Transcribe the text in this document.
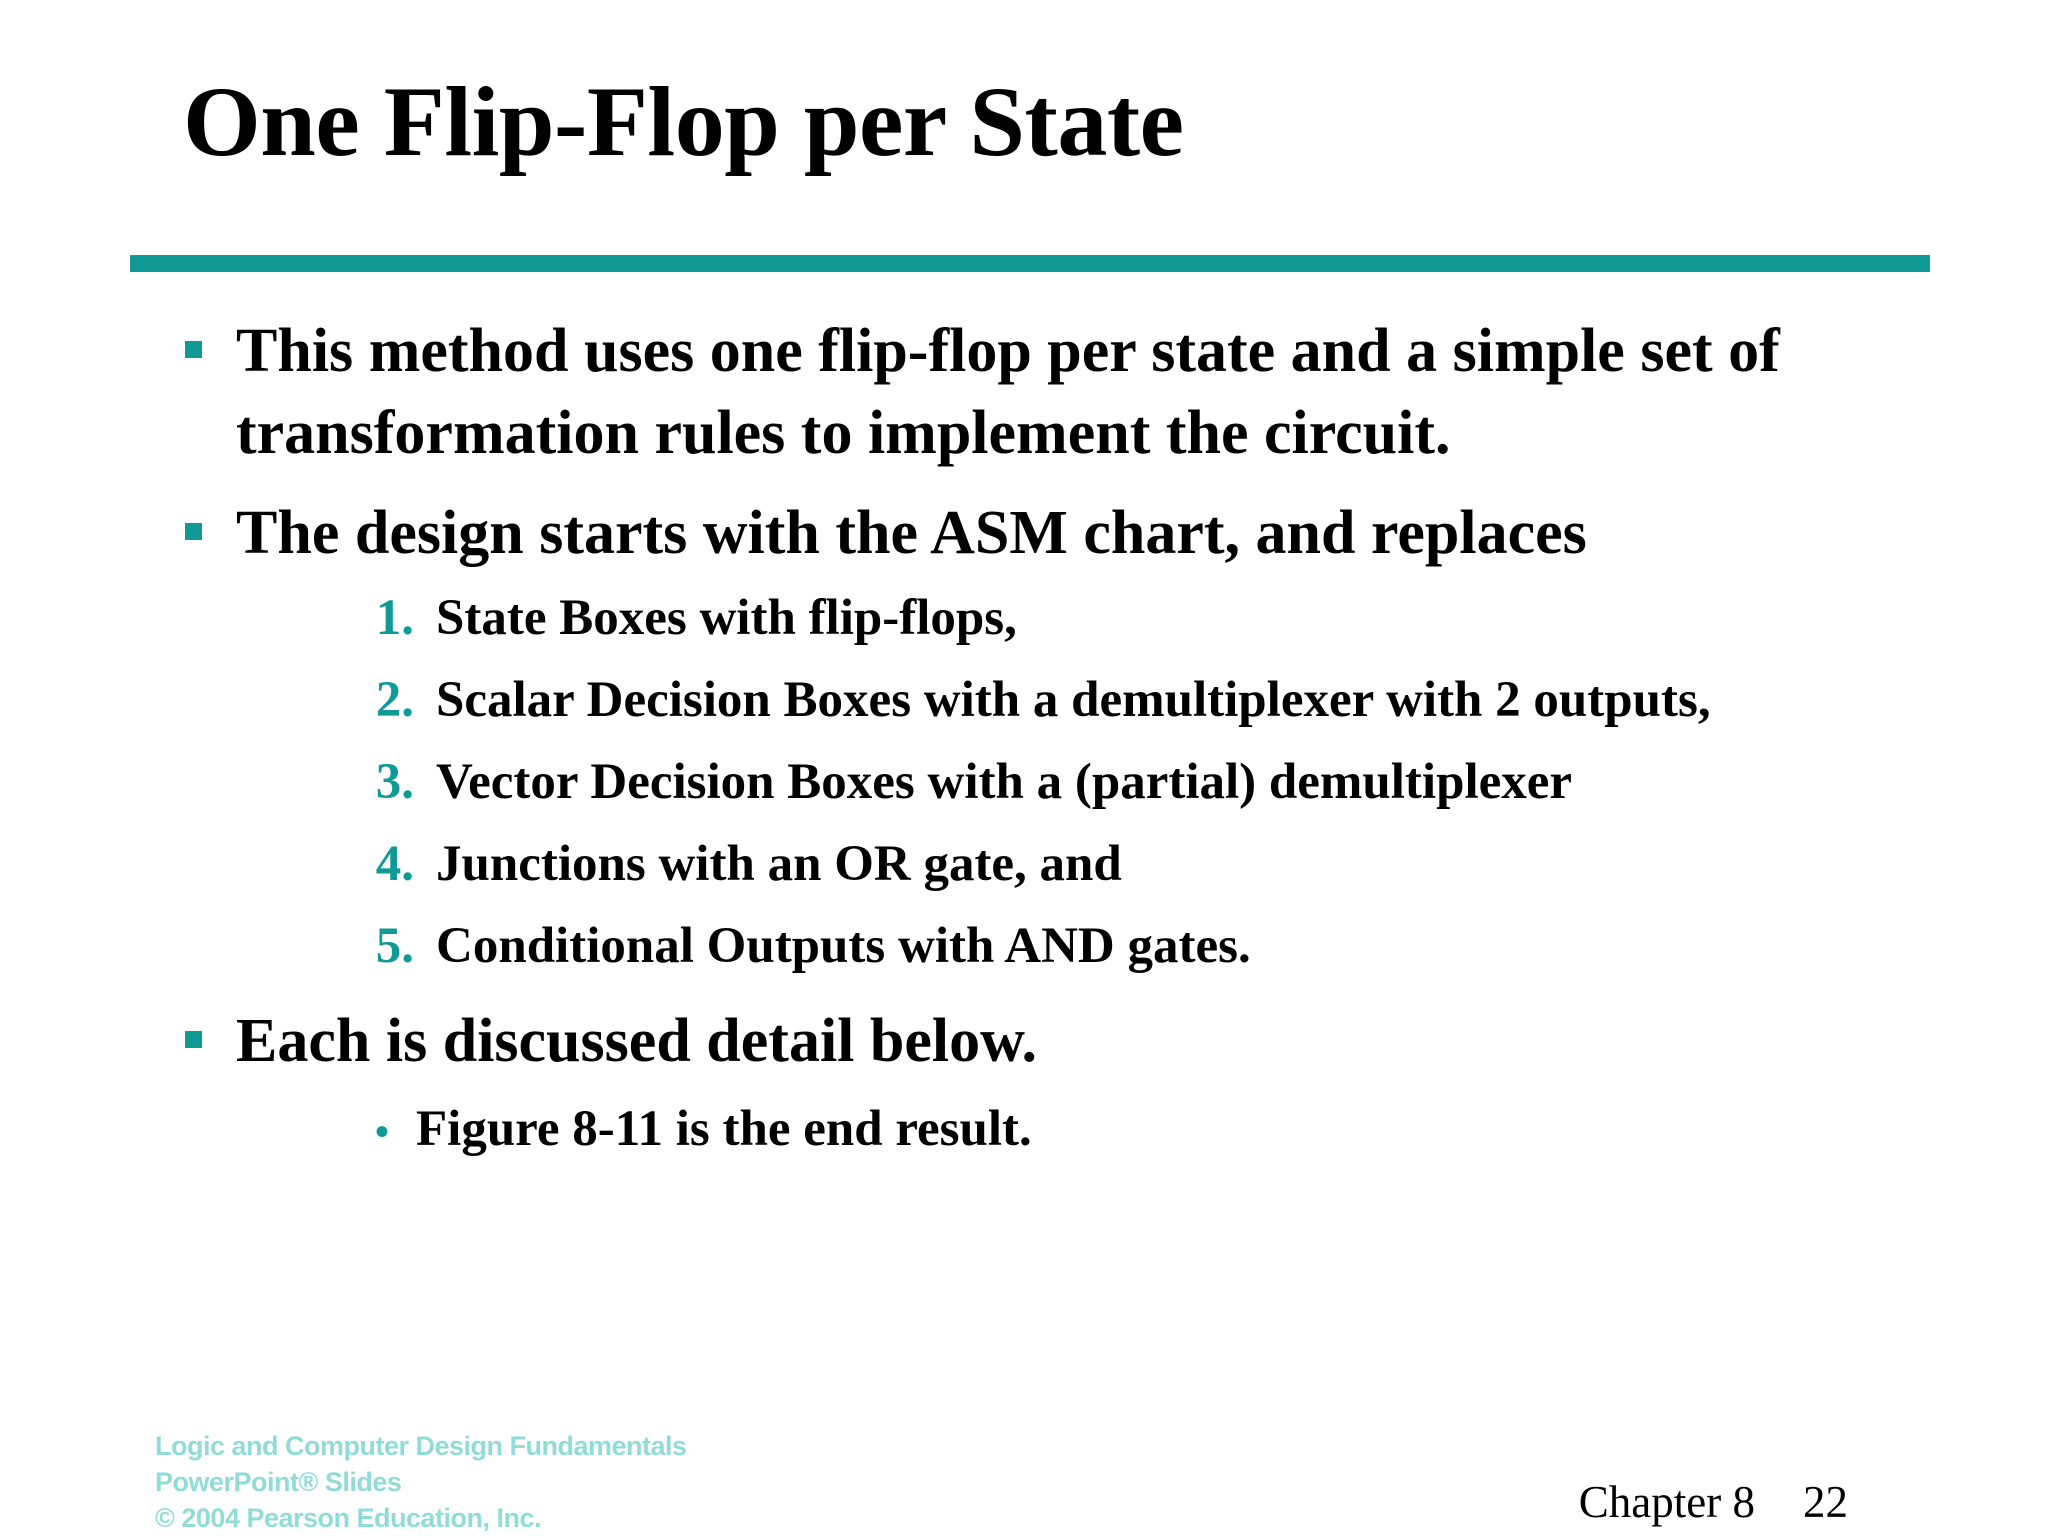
One Flip-Flop per State
This method uses one flip-flop per state and a simple set of transformation rules to implement the circuit.
The design starts with the ASM chart, and replaces
1. State Boxes with flip-flops,
2. Scalar Decision Boxes with a demultiplexer with 2 outputs,
3. Vector Decision Boxes with a (partial) demultiplexer
4. Junctions with an OR gate, and
5. Conditional Outputs with AND gates.
Each is discussed detail below.
• Figure 8-11 is the end result.
Logic and Computer Design Fundamentals
PowerPoint® Slides
© 2004 Pearson Education, Inc.	Chapter 8 22
